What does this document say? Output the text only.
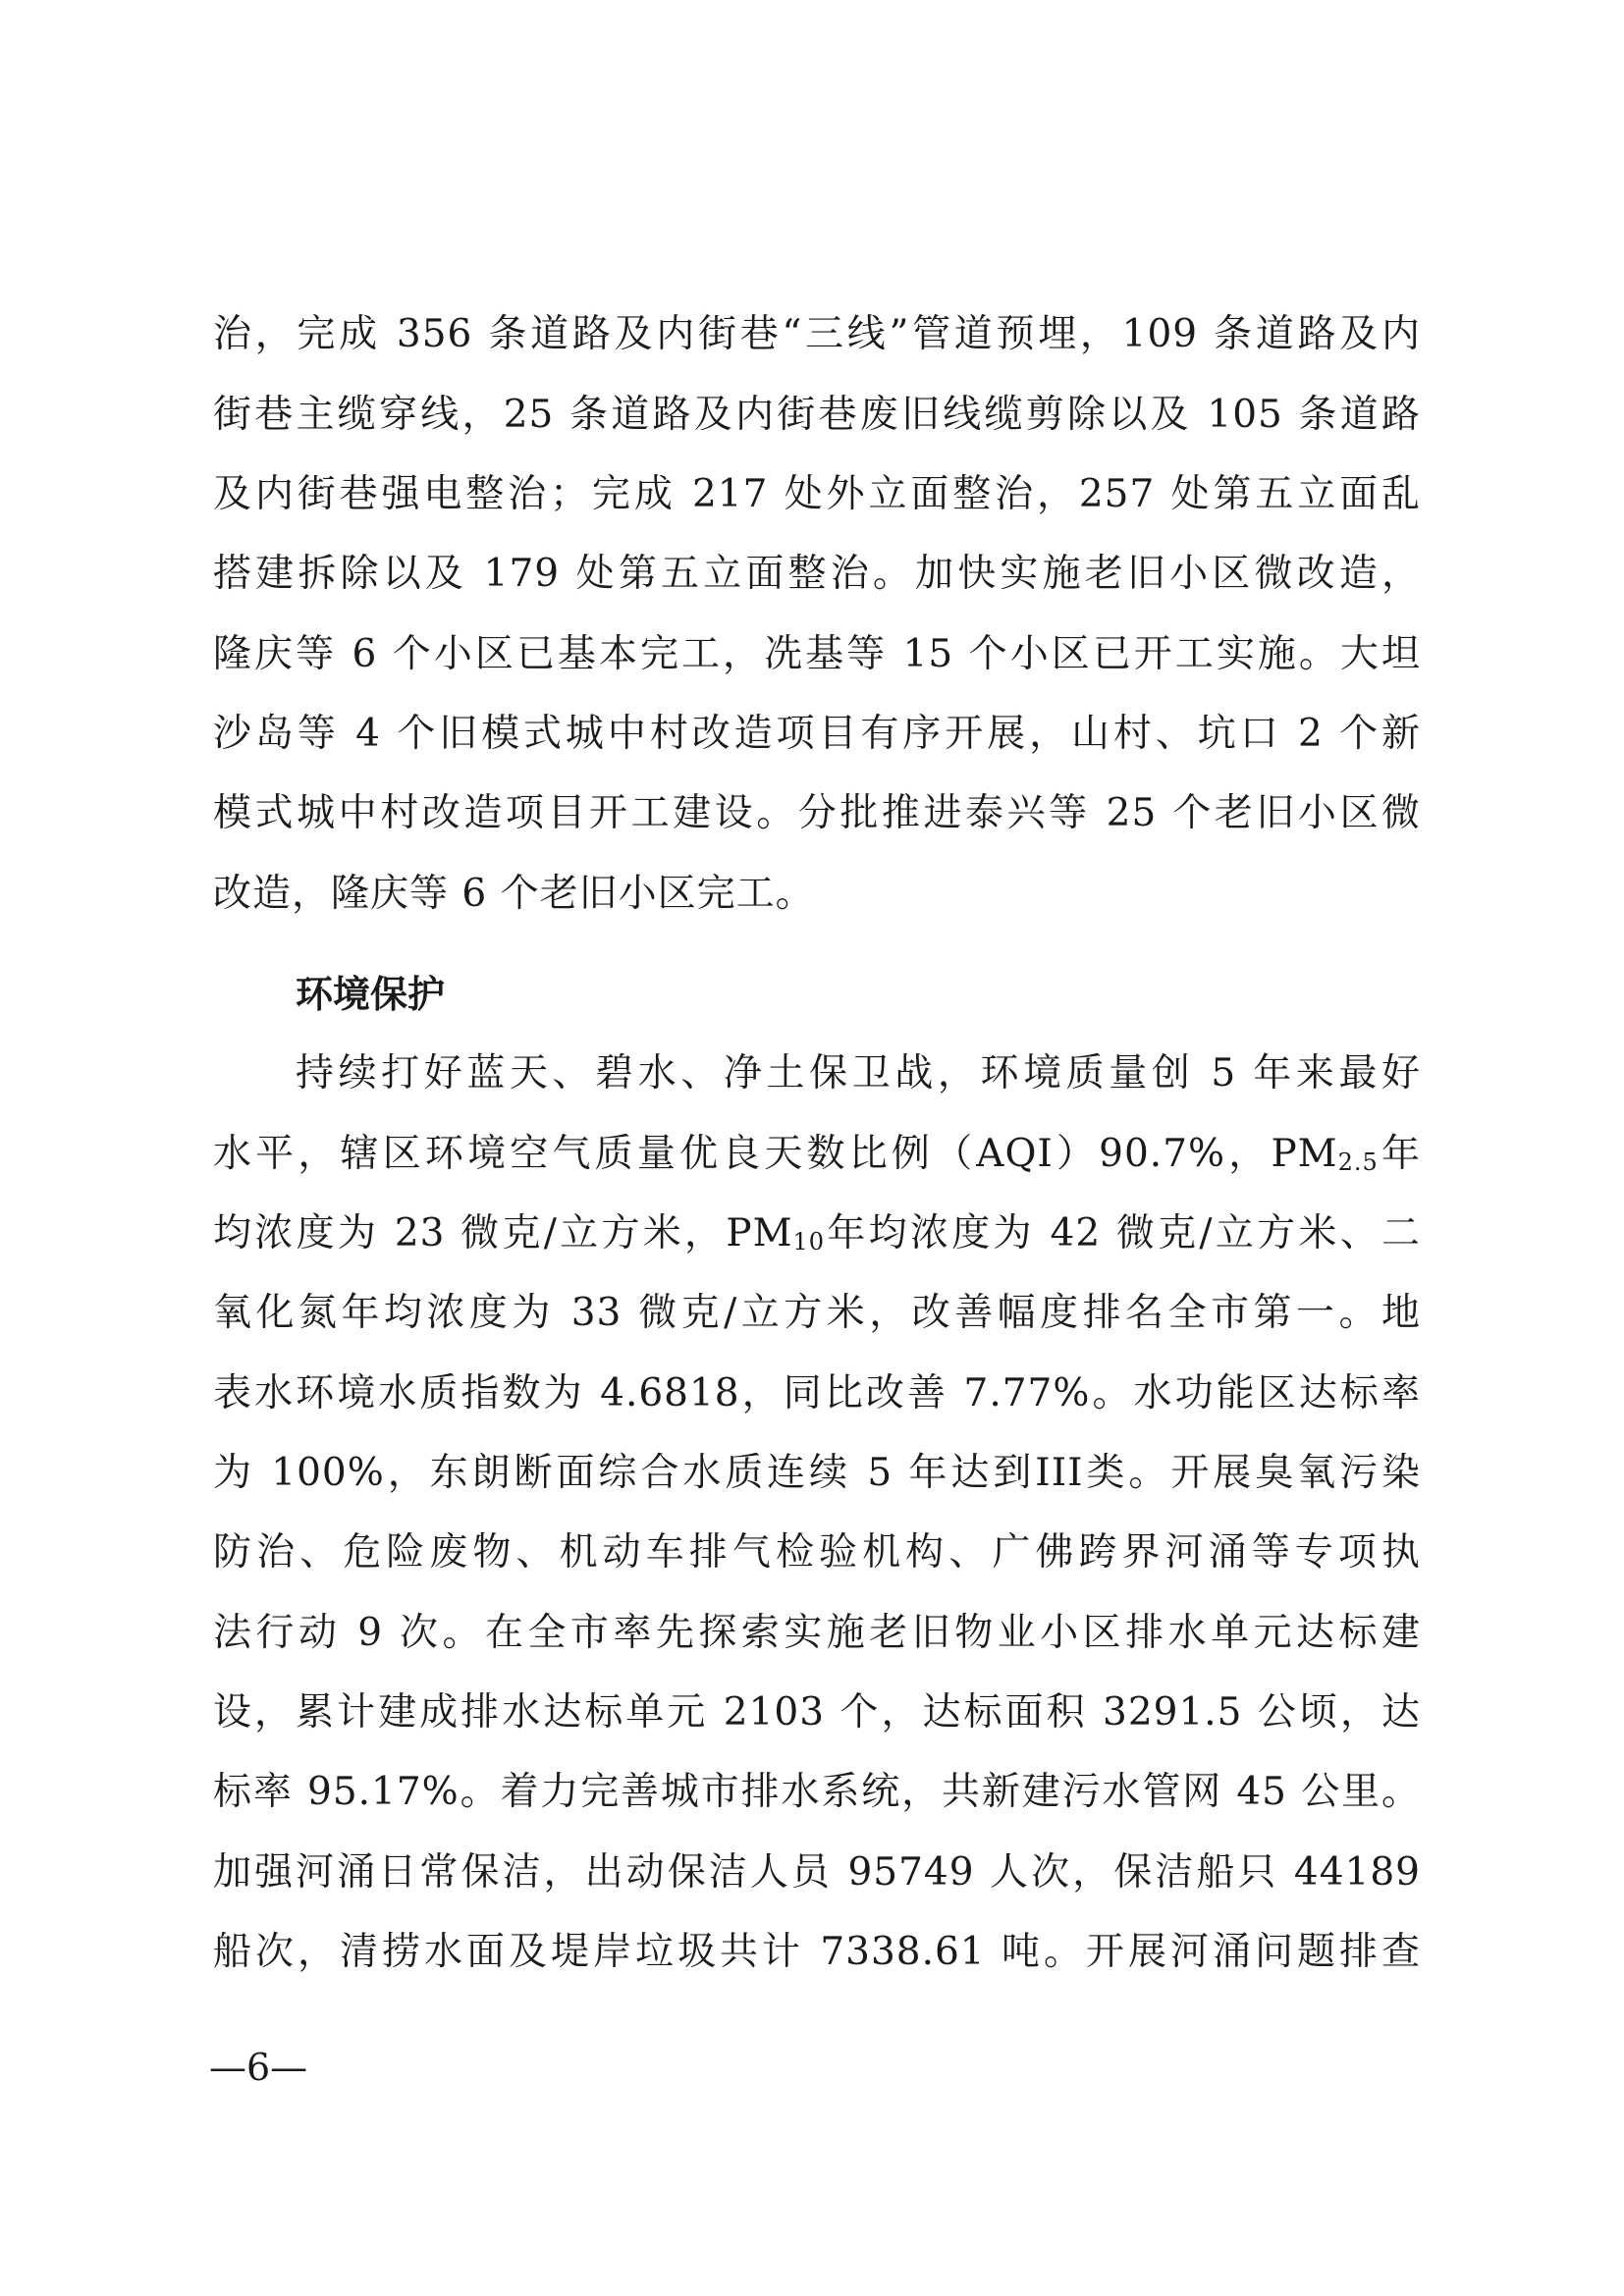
治，完成 356 条道路及内街巷“三线”管道预埋，109 条道路及内
街巷主缆穿线，25 条道路及内街巷废旧线缆剪除以及 105 条道路
及内街巷强电整治；完成 217 处外立面整治，257 处第五立面乱
搭建拆除以及 179 处第五立面整治。加快实施老旧小区微改造，
隆庆等 6 个小区已基本完工，冼基等 15 个小区已开工实施。大坦
沙岛等 4 个旧模式城中村改造项目有序开展，山村、坑口 2 个新
模式城中村改造项目开工建设。分批推进泰兴等 25 个老旧小区微
改造，隆庆等 6 个老旧小区完工。
环境保护
持续打好蓝天、碧水、净土保卫战，环境质量创 5 年来最好
水平，辖区环境空气质量优良天数比例（AQI）90.7%，PM2.5年
均浓度为 23 微克/立方米，PM10年均浓度为 42 微克/立方米、二
氧化氮年均浓度为 33 微克/立方米，改善幅度排名全市第一。地
表水环境水质指数为 4.6818，同比改善 7.77%。水功能区达标率
为 100%，东朗断面综合水质连续 5 年达到III类。开展臭氧污染
防治、危险废物、机动车排气检验机构、广佛跨界河涌等专项执
法行动 9 次。在全市率先探索实施老旧物业小区排水单元达标建
设，累计建成排水达标单元 2103 个，达标面积 3291.5 公顷，达
标率 95.17%。着力完善城市排水系统，共新建污水管网 45 公里。
加强河涌日常保洁，出动保洁人员 95749 人次，保洁船只 44189
船次，清捞水面及堤岸垃圾共计 7338.61 吨。开展河涌问题排查
—6—
